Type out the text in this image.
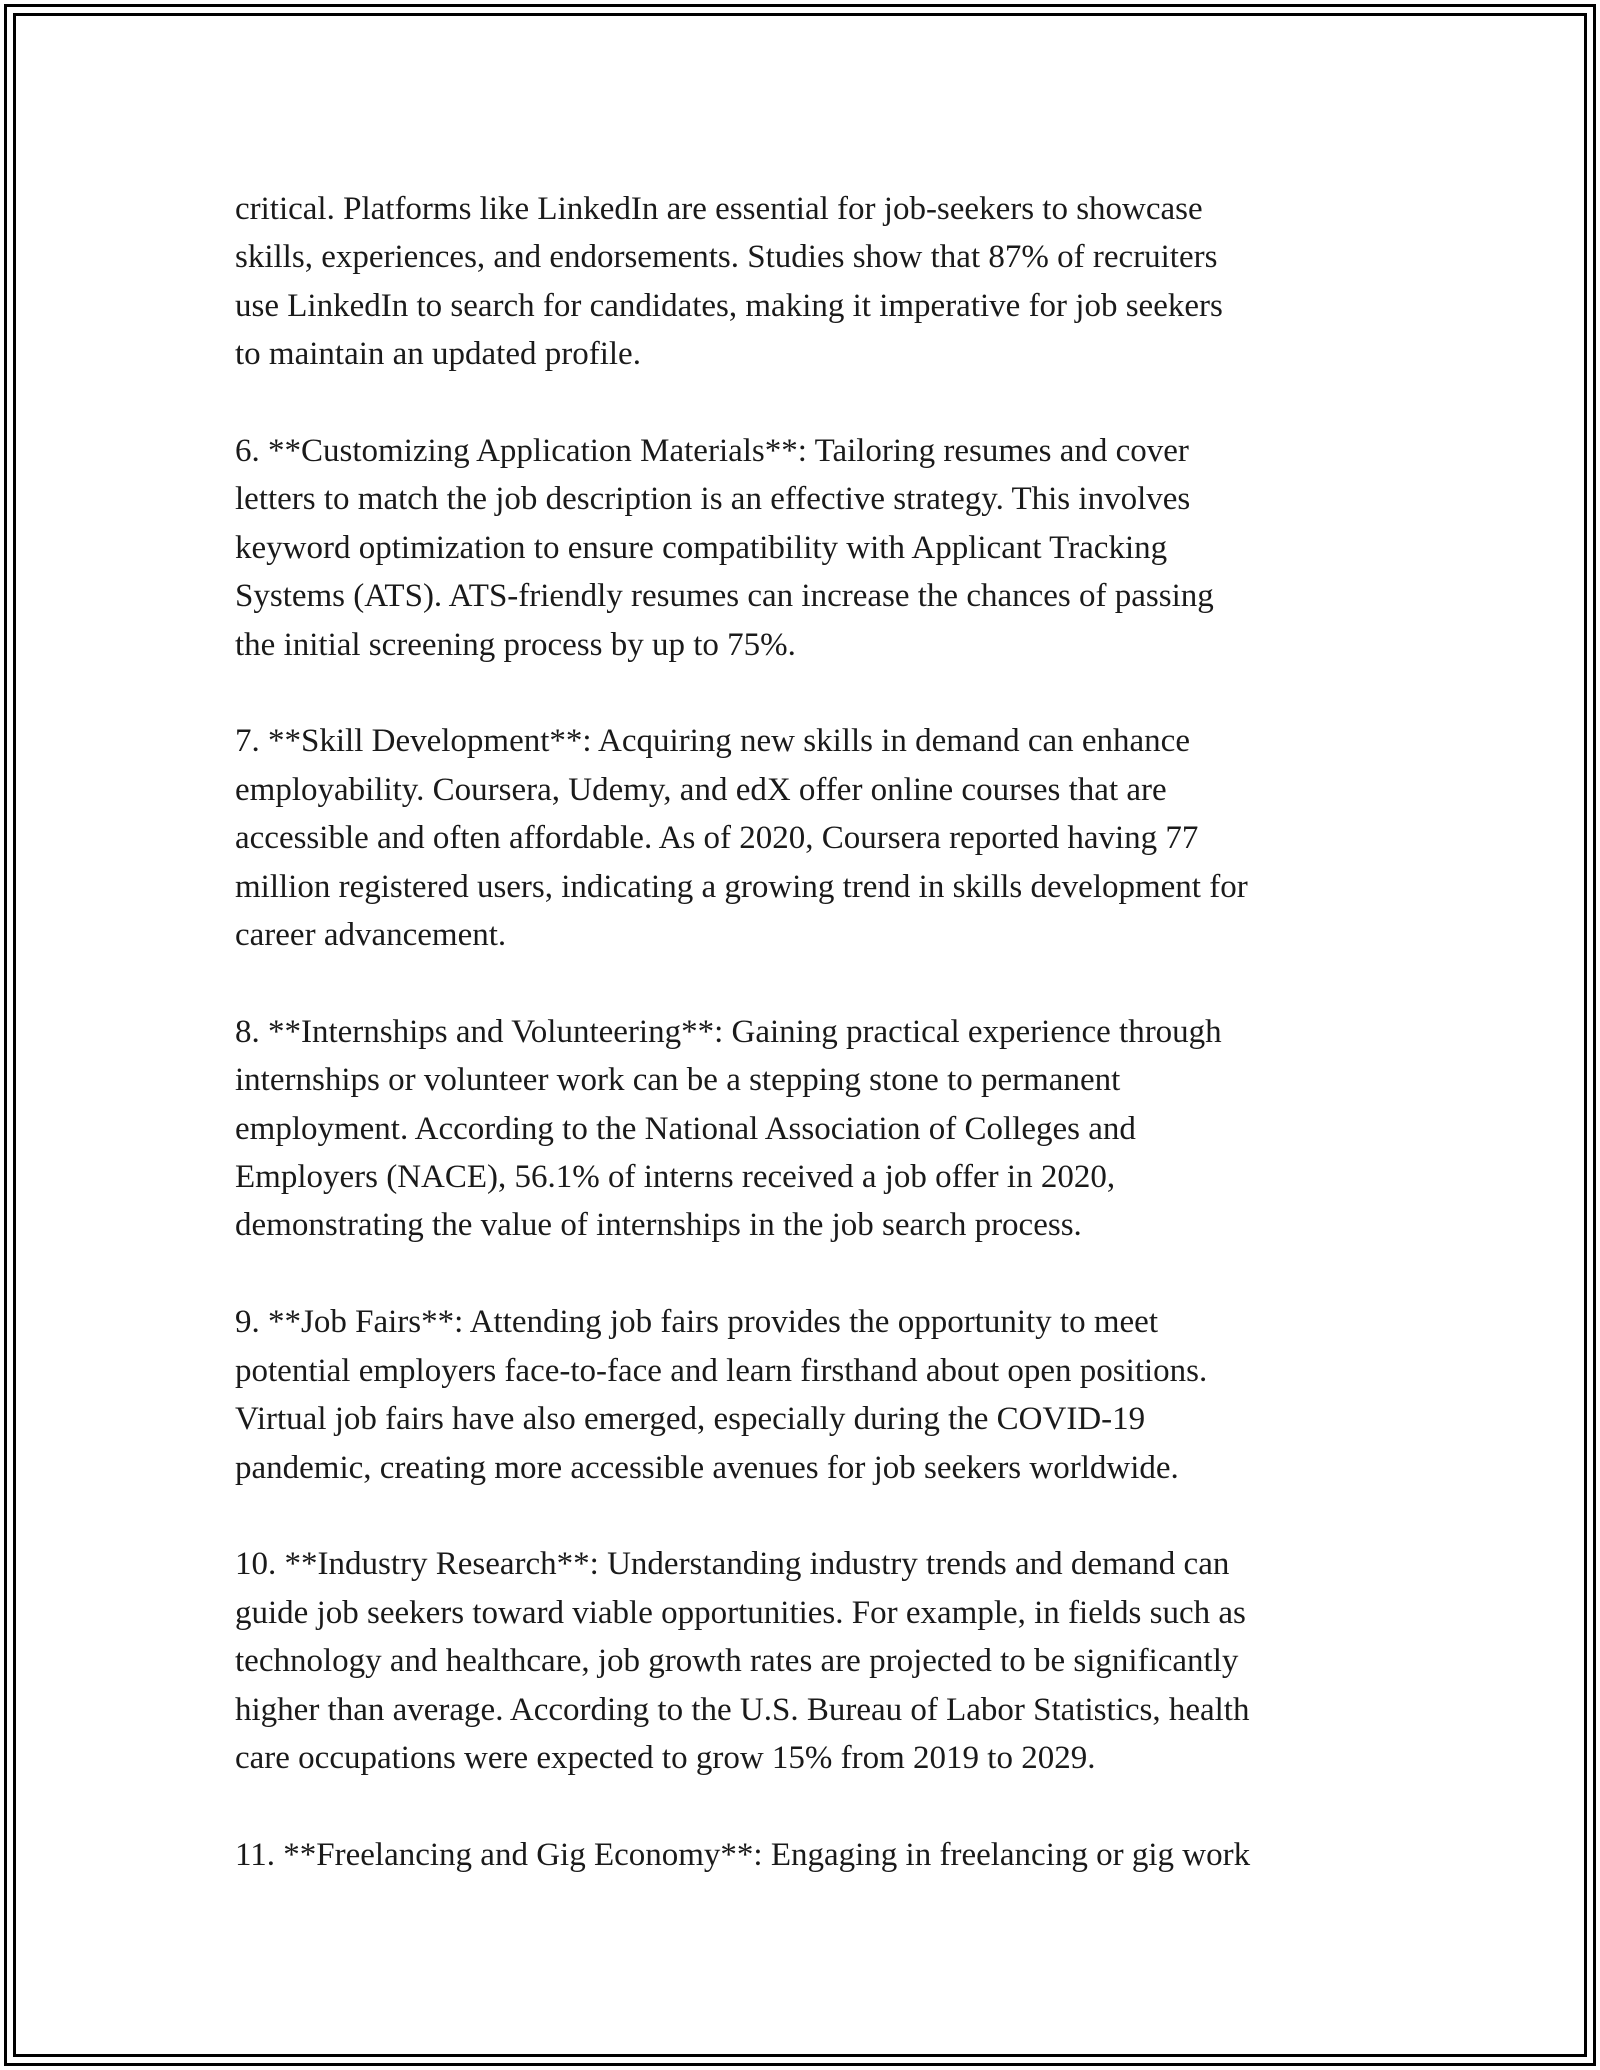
critical. Platforms like LinkedIn are essential for job-seekers to showcase
skills, experiences, and endorsements. Studies show that 87% of recruiters
use LinkedIn to search for candidates, making it imperative for job seekers
to maintain an updated profile.

6. **Customizing Application Materials**: Tailoring resumes and cover
letters to match the job description is an effective strategy. This involves
keyword optimization to ensure compatibility with Applicant Tracking
Systems (ATS). ATS-friendly resumes can increase the chances of passing
the initial screening process by up to 75%.

7. **Skill Development**: Acquiring new skills in demand can enhance
employability. Coursera, Udemy, and edX offer online courses that are
accessible and often affordable. As of 2020, Coursera reported having 77
million registered users, indicating a growing trend in skills development for
career advancement.

8. **Internships and Volunteering**: Gaining practical experience through
internships or volunteer work can be a stepping stone to permanent
employment. According to the National Association of Colleges and
Employers (NACE), 56.1% of interns received a job offer in 2020,
demonstrating the value of internships in the job search process.

9. **Job Fairs**: Attending job fairs provides the opportunity to meet
potential employers face-to-face and learn firsthand about open positions.
Virtual job fairs have also emerged, especially during the COVID-19
pandemic, creating more accessible avenues for job seekers worldwide.

10. **Industry Research**: Understanding industry trends and demand can
guide job seekers toward viable opportunities. For example, in fields such as
technology and healthcare, job growth rates are projected to be significantly
higher than average. According to the U.S. Bureau of Labor Statistics, health
care occupations were expected to grow 15% from 2019 to 2029.

11. **Freelancing and Gig Economy**: Engaging in freelancing or gig work
